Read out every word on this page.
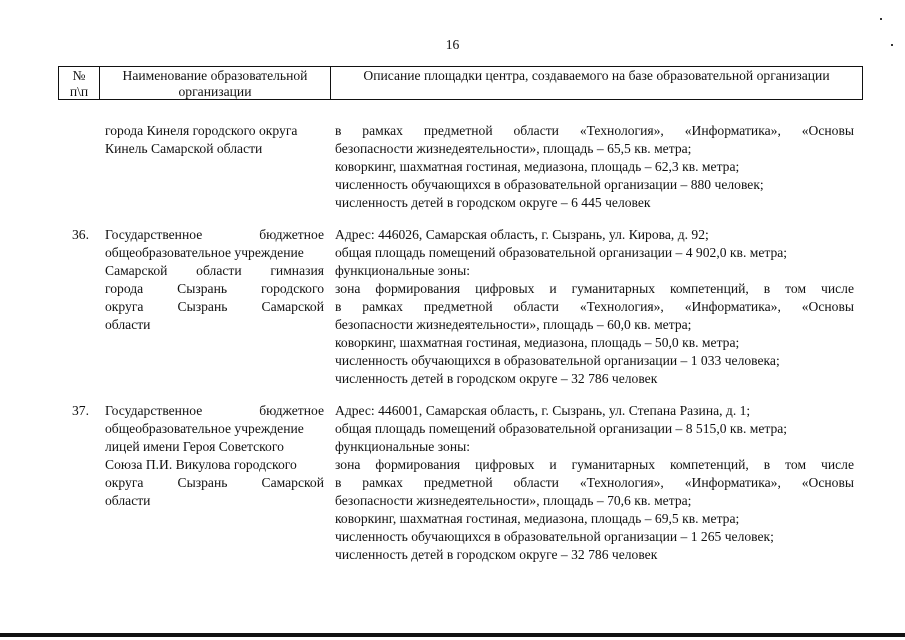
16
№
п\п
Наименование образовательной
организации
Описание площадки центра, создаваемого на базе образовательной организации
города Кинеля городского округа
Кинель Самарской области
в рамках предметной области «Технология», «Информатика», «Основы
безопасности жизнедеятельности», площадь – 65,5 кв. метра;
коворкинг, шахматная гостиная, медиазона, площадь – 62,3 кв. метра;
численность обучающихся в образовательной организации – 880 человек;
численность детей в городском округе – 6 445 человек
36. Государственное бюджетное
общеобразовательное учреждение
Самарской области гимназия
города Сызрань городского
округа Сызрань Самарской
области
Адрес: 446026, Самарская область, г. Сызрань, ул. Кирова, д. 92;
общая площадь помещений образовательной организации – 4 902,0 кв. метра;
функциональные зоны:
зона формирования цифровых и гуманитарных компетенций, в том числе
в рамках предметной области «Технология», «Информатика», «Основы
безопасности жизнедеятельности», площадь – 60,0 кв. метра;
коворкинг, шахматная гостиная, медиазона, площадь – 50,0 кв. метра;
численность обучающихся в образовательной организации – 1 033 человека;
численность детей в городском округе – 32 786 человек
37. Государственное бюджетное
общеобразовательное учреждение
лицей имени Героя Советского
Союза П.И. Викулова городского
округа Сызрань Самарской
области
Адрес: 446001, Самарская область, г. Сызрань, ул. Степана Разина, д. 1;
общая площадь помещений образовательной организации – 8 515,0 кв. метра;
функциональные зоны:
зона формирования цифровых и гуманитарных компетенций, в том числе
в рамках предметной области «Технология», «Информатика», «Основы
безопасности жизнедеятельности», площадь – 70,6 кв. метра;
коворкинг, шахматная гостиная, медиазона, площадь – 69,5 кв. метра;
численность обучающихся в образовательной организации – 1 265 человек;
численность детей в городском округе – 32 786 человек
